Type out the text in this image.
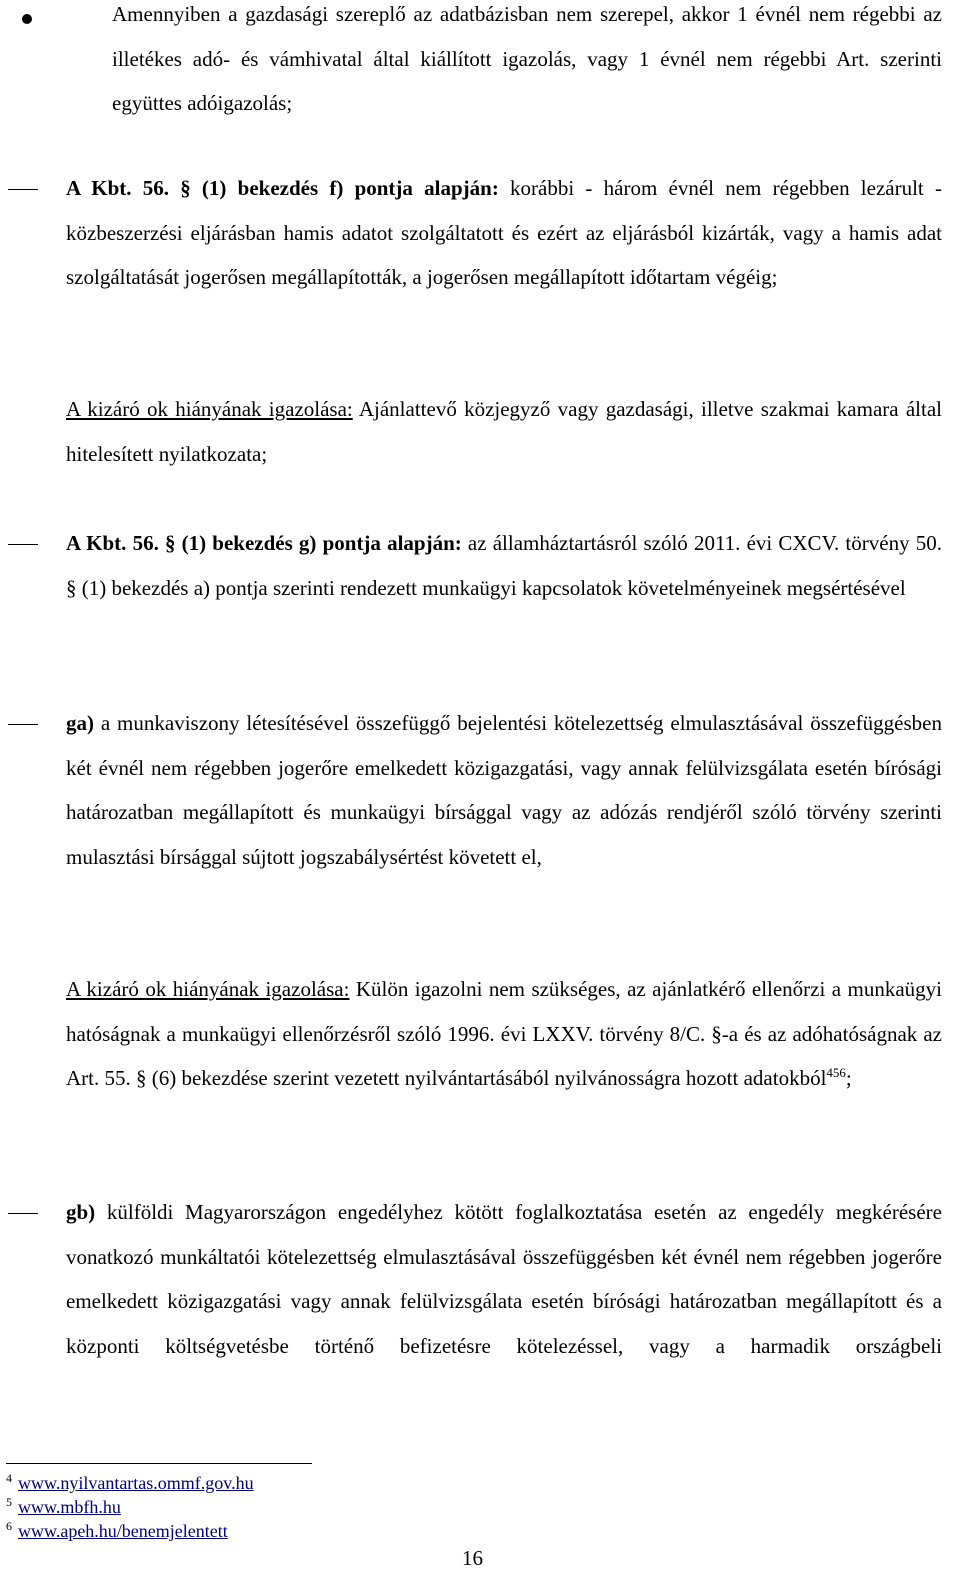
Amennyiben a gazdasági szereplő az adatbázisban nem szerepel, akkor 1 évnél nem régebbi az illetékes adó- és vámhivatal által kiállított igazolás, vagy 1 évnél nem régebbi Art. szerinti együttes adóigazolás;
A Kbt. 56. § (1) bekezdés f) pontja alapján: korábbi - három évnél nem régebben lezárult - közbeszerzési eljárásban hamis adatot szolgáltatott és ezért az eljárásból kizárták, vagy a hamis adat szolgáltatását jogerősen megállapították, a jogerősen megállapított időtartam végéig;
A kizáró ok hiányának igazolása: Ajánlattevő közjegyző vagy gazdasági, illetve szakmai kamara által hitelesített nyilatkozata;
A Kbt. 56. § (1) bekezdés g) pontja alapján: az államháztartásról szóló 2011. évi CXCV. törvény 50. § (1) bekezdés a) pontja szerinti rendezett munkaügyi kapcsolatok követelményeinek megsértésével
ga) a munkaviszony létesítésével összefüggő bejelentési kötelezettség elmulasztásával összefüggésben két évnél nem régebben jogerőre emelkedett közigazgatási, vagy annak felülvizsgálata esetén bírósági határozatban megállapított és munkaügyi bírsággal vagy az adózás rendjéről szóló törvény szerinti mulasztási bírsággal sújtott jogszabálysértést követett el,
A kizáró ok hiányának igazolása: Külön igazolni nem szükséges, az ajánlatkérő ellenőrzi a munkaügyi hatóságnak a munkaügyi ellenőrzésről szóló 1996. évi LXXV. törvény 8/C. §-a és az adóhatóságnak az Art. 55. § (6) bekezdése szerint vezetett nyilvántartásából nyilvánosságra hozott adatokból$^{456}$;
gb) külföldi Magyarországon engedélyhez kötött foglalkoztatása esetén az engedély megkérésére vonatkozó munkáltatói kötelezettség elmulasztásával összefüggésben két évnél nem régebben jogerőre emelkedett közigazgatási vagy annak felülvizsgálata esetén bírósági határozatban megállapított és a központi költségvetésbe történő befizetésre kötelezéssel, vagy a harmadik országbeli
$^4$ www.nyilvantartas.ommf.gov.hu
$^5$ www.mbfh.hu
$^6$ www.apeh.hu/benemjelentett
16
